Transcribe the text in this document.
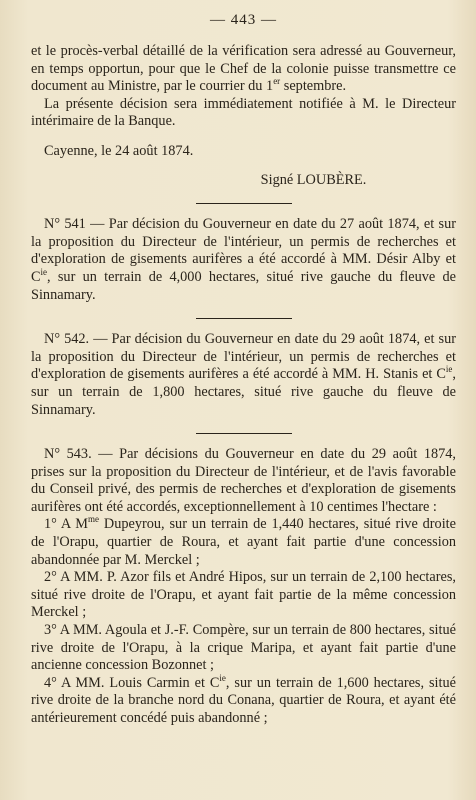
— 443 —

et le procès-verbal détaillé de la vérification sera adressé au Gouverneur, en temps opportun, pour que le Chef de la colonie puisse transmettre ce document au Ministre, par le courrier du 1er septembre.

La présente décision sera immédiatement notifiée à M. le Directeur intérimaire de la Banque.

Cayenne, le 24 août 1874.

Signé LOUBÈRE.

N° 541 — Par décision du Gouverneur en date du 27 août 1874, et sur la proposition du Directeur de l'intérieur, un permis de recherches et d'exploration de gisements aurifères a été accordé à MM. Désir Alby et $C^{ie}$, sur un terrain de 4,000 hectares, situé rive gauche du fleuve de Sinnamary.

N° 542. — Par décision du Gouverneur en date du 29 août 1874, et sur la proposition du Directeur de l'intérieur, un permis de recherches et d'exploration de gisements aurifères a été accordé à MM. H. Stanis et $C^{ie}$, sur un terrain de 1,800 hectares, situé rive gauche du fleuve de Sinnamary.

N° 543. — Par décisions du Gouverneur en date du 29 août 1874, prises sur la proposition du Directeur de l'intérieur, et de l'avis favorable du Conseil privé, des permis de recherches et d'exploration de gisements aurifères ont été accordés, exceptionnellement à 10 centimes l'hectare :

1° A $M^{me}$ Dupeyrou, sur un terrain de 1,440 hectares, situé rive droite de l'Orapu, quartier de Roura, et ayant fait partie d'une concession abandonnée par M. Merckel ;

2° A MM. P. Azor fils et André Hipos, sur un terrain de 2,100 hectares, situé rive droite de l'Orapu, et ayant fait partie de la même concession Merckel ;

3° A MM. Agoula et J.-F. Compère, sur un terrain de 800 hectares, situé rive droite de l'Orapu, à la crique Maripa, et ayant fait partie d'une ancienne concession Bozonnet ;

4° A MM. Louis Carmin et $C^{ie}$, sur un terrain de 1,600 hectares, situé rive droite de la branche nord du Conana, quartier de Roura, et ayant été antérieurement concédé puis abandonné ;
